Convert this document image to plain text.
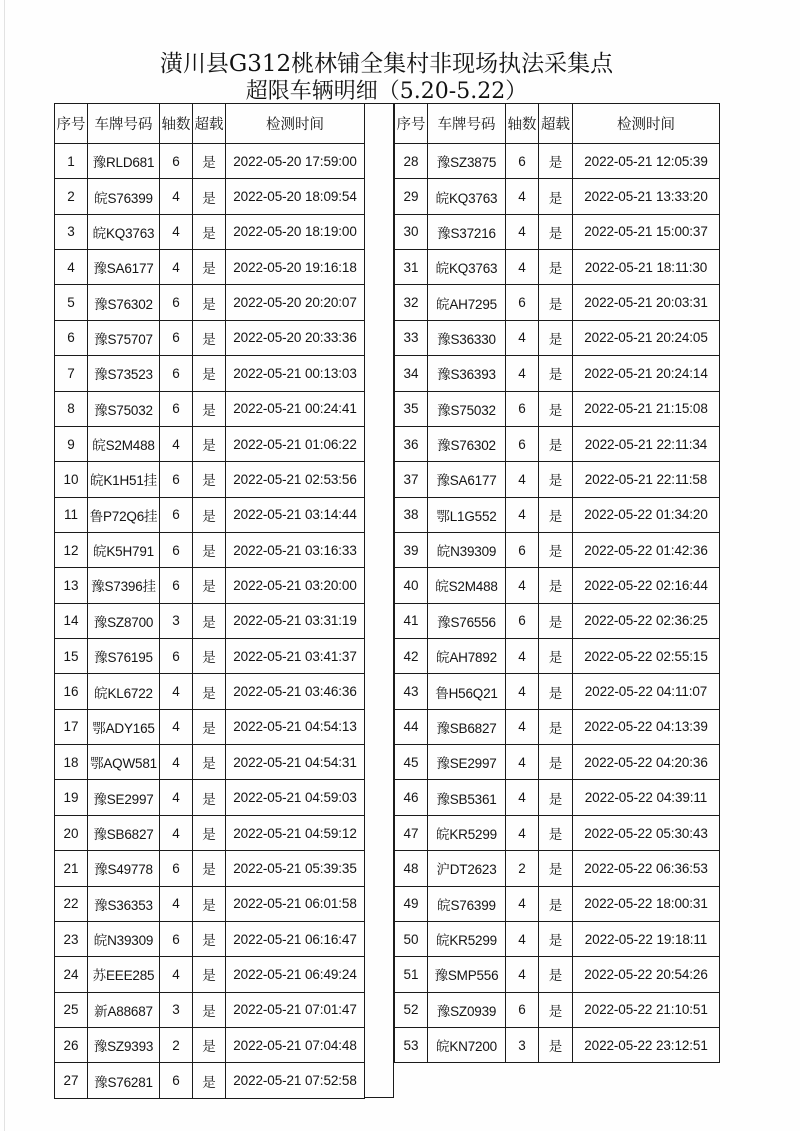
潢川县G312桃林铺全集村非现场执法采集点
超限车辆明细（5.20-5.22）
序号	车牌号码	轴数	超载	检测时间
1	豫RLD681	6	是	2022-05-20 17:59:00
2	皖S76399	4	是	2022-05-20 18:09:54
3	皖KQ3763	4	是	2022-05-20 18:19:00
4	豫SA6177	4	是	2022-05-20 19:16:18
5	豫S76302	6	是	2022-05-20 20:20:07
6	豫S75707	6	是	2022-05-20 20:33:36
7	豫S73523	6	是	2022-05-21 00:13:03
8	豫S75032	6	是	2022-05-21 00:24:41
9	皖S2M488	4	是	2022-05-21 01:06:22
10	皖K1H51挂	6	是	2022-05-21 02:53:56
11	鲁P72Q6挂	6	是	2022-05-21 03:14:44
12	皖K5H791	6	是	2022-05-21 03:16:33
13	豫S7396挂	6	是	2022-05-21 03:20:00
14	豫SZ8700	3	是	2022-05-21 03:31:19
15	豫S76195	6	是	2022-05-21 03:41:37
16	皖KL6722	4	是	2022-05-21 03:46:36
17	鄂ADY165	4	是	2022-05-21 04:54:13
18	鄂AQW581	4	是	2022-05-21 04:54:31
19	豫SE2997	4	是	2022-05-21 04:59:03
20	豫SB6827	4	是	2022-05-21 04:59:12
21	豫S49778	6	是	2022-05-21 05:39:35
22	豫S36353	4	是	2022-05-21 06:01:58
23	皖N39309	6	是	2022-05-21 06:16:47
24	苏EEE285	4	是	2022-05-21 06:49:24
25	新A88687	3	是	2022-05-21 07:01:47
26	豫SZ9393	2	是	2022-05-21 07:04:48
27	豫S76281	6	是	2022-05-21 07:52:58
序号	车牌号码	轴数	超载	检测时间
28	豫SZ3875	6	是	2022-05-21 12:05:39
29	皖KQ3763	4	是	2022-05-21 13:33:20
30	豫S37216	4	是	2022-05-21 15:00:37
31	皖KQ3763	4	是	2022-05-21 18:11:30
32	皖AH7295	6	是	2022-05-21 20:03:31
33	豫S36330	4	是	2022-05-21 20:24:05
34	豫S36393	4	是	2022-05-21 20:24:14
35	豫S75032	6	是	2022-05-21 21:15:08
36	豫S76302	6	是	2022-05-21 22:11:34
37	豫SA6177	4	是	2022-05-21 22:11:58
38	鄂L1G552	4	是	2022-05-22 01:34:20
39	皖N39309	6	是	2022-05-22 01:42:36
40	皖S2M488	4	是	2022-05-22 02:16:44
41	豫S76556	6	是	2022-05-22 02:36:25
42	皖AH7892	4	是	2022-05-22 02:55:15
43	鲁H56Q21	4	是	2022-05-22 04:11:07
44	豫SB6827	4	是	2022-05-22 04:13:39
45	豫SE2997	4	是	2022-05-22 04:20:36
46	豫SB5361	4	是	2022-05-22 04:39:11
47	皖KR5299	4	是	2022-05-22 05:30:43
48	沪DT2623	2	是	2022-05-22 06:36:53
49	皖S76399	4	是	2022-05-22 18:00:31
50	皖KR5299	4	是	2022-05-22 19:18:11
51	豫SMP556	4	是	2022-05-22 20:54:26
52	豫SZ0939	6	是	2022-05-22 21:10:51
53	皖KN7200	3	是	2022-05-22 23:12:51
